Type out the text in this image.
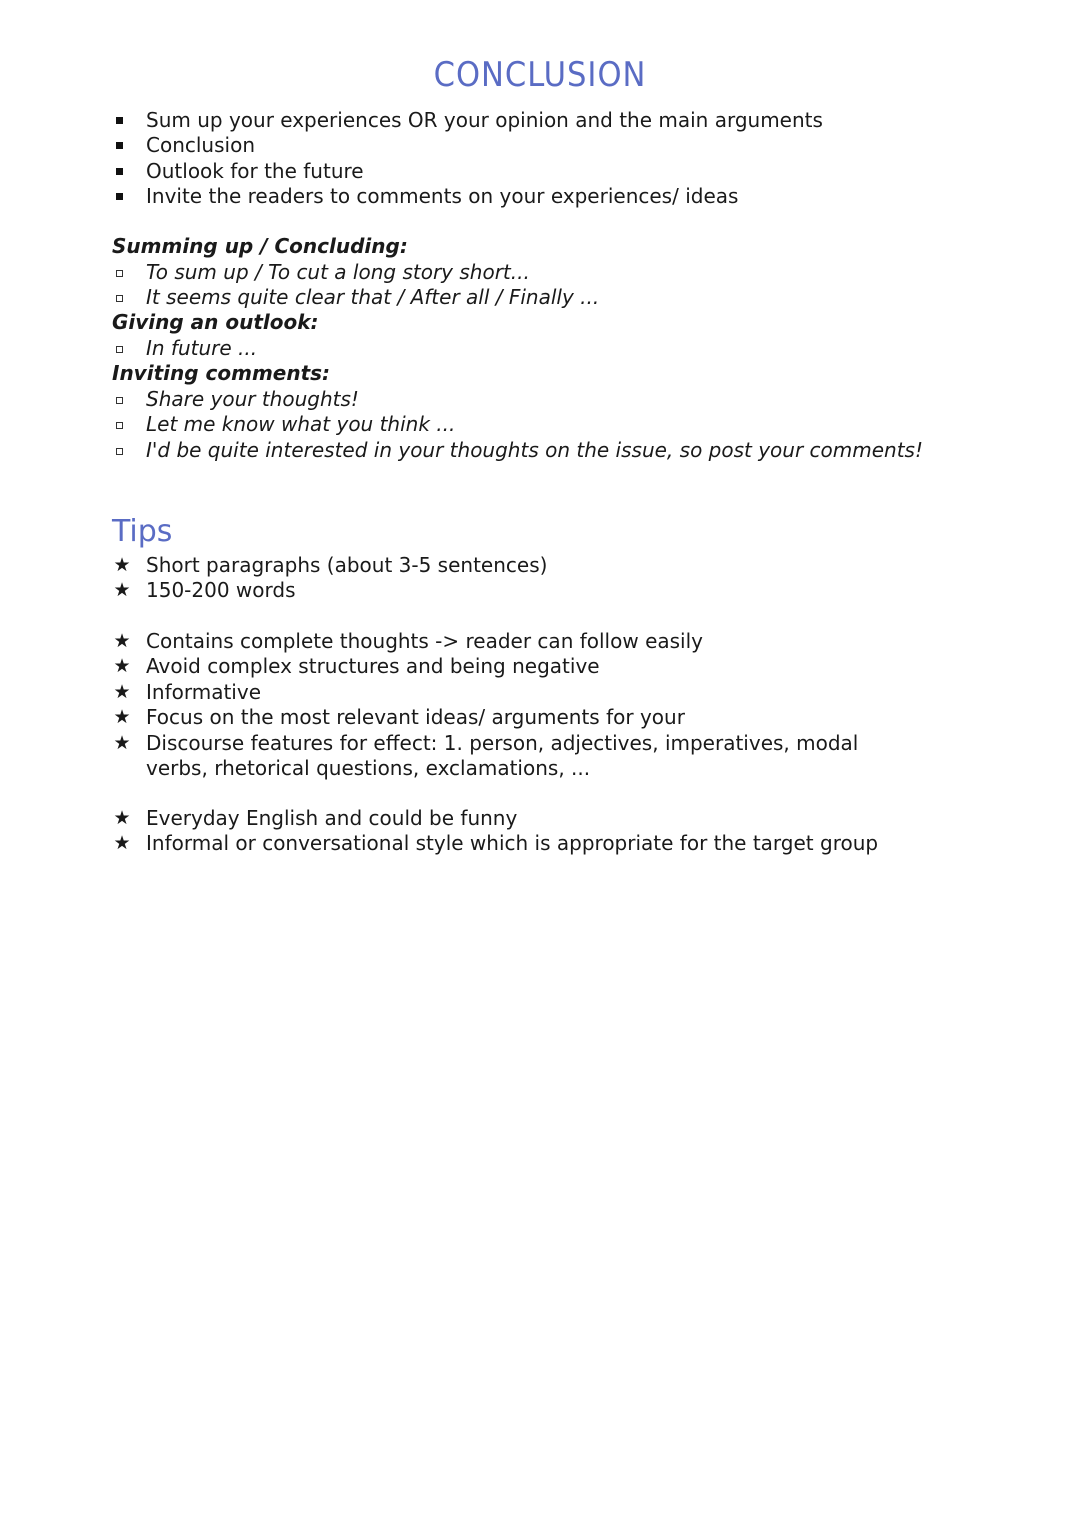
CONCLUSION
Sum up your experiences OR your opinion and the main arguments
Conclusion
Outlook for the future
Invite the readers to comments on your experiences/ ideas
Summing up / Concluding:
To sum up / To cut a long story short...
It seems quite clear that / After all / Finally ...
Giving an outlook:
In future ...
Inviting comments:
Share your thoughts!
Let me know what you think ...
I'd be quite interested in your thoughts on the issue, so post your comments!
Tips
★ Short paragraphs (about 3-5 sentences)
★ 150-200 words
★ Contains complete thoughts -> reader can follow easily
★ Avoid complex structures and being negative
★ Informative
★ Focus on the most relevant ideas/ arguments for your
★ Discourse features for effect: 1. person, adjectives, imperatives, modal verbs, rhetorical questions, exclamations, ...
★ Everyday English and could be funny
★ Informal or conversational style which is appropriate for the target group
